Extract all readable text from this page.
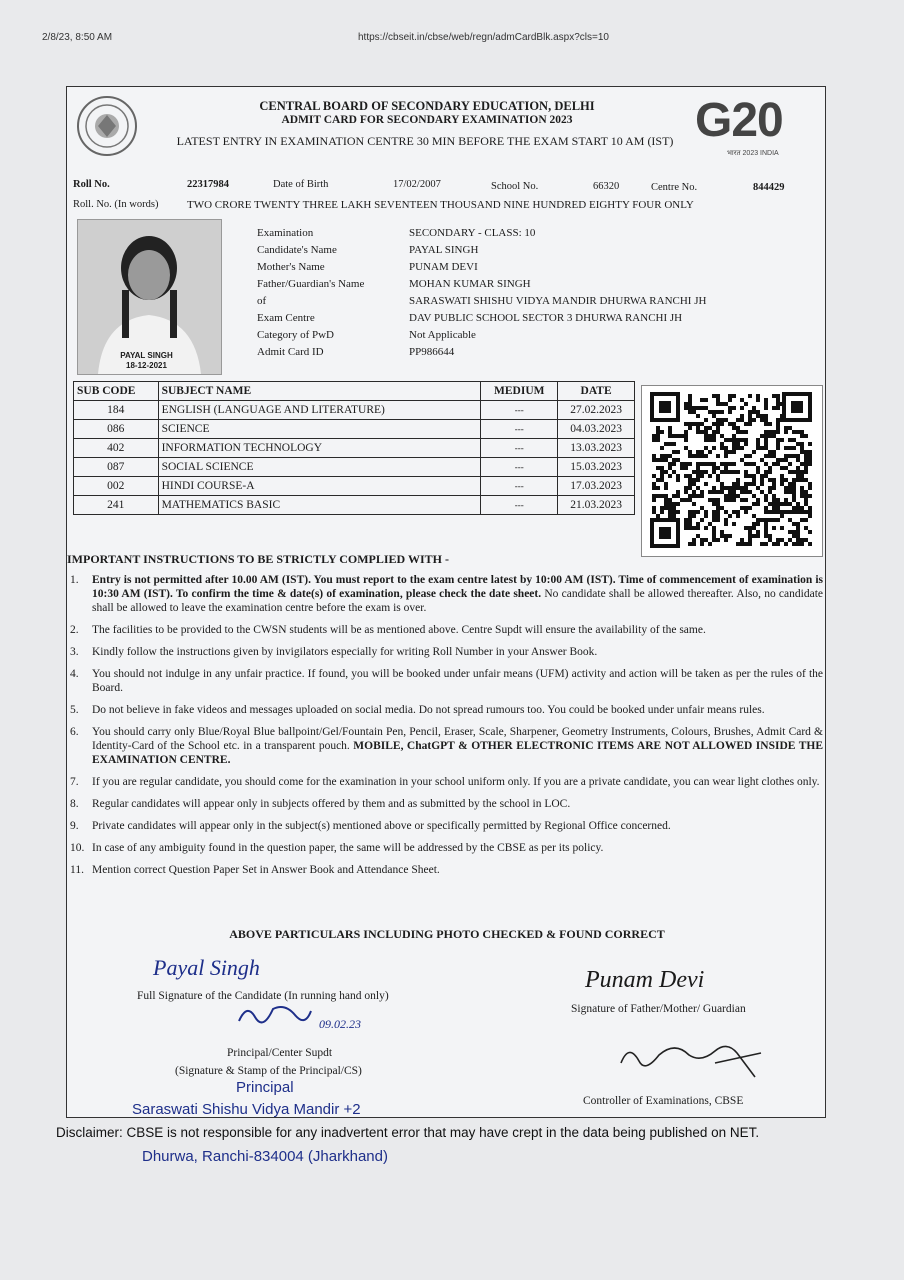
2/8/23, 8:50 AM	https://cbseit.in/cbse/web/regn/admCardBlk.aspx?cls=10
CENTRAL BOARD OF SECONDARY EDUCATION, DELHI
ADMIT CARD FOR SECONDARY EXAMINATION 2023
LATEST ENTRY IN EXAMINATION CENTRE 30 MIN BEFORE THE EXAM START 10 AM (IST) G20
भारत 2023 INDIA
Roll No.	22317984	Date of Birth	17/02/2007	School No.	66320	Centre No.	844429
Roll. No. (In words)	TWO CRORE TWENTY THREE LAKH SEVENTEEN THOUSAND NINE HUNDRED EIGHTY FOUR ONLY
PAYAL SINGH
18-12-2021
Examination	SECONDARY - CLASS: 10
Candidate's Name	PAYAL SINGH
Mother's Name	PUNAM DEVI
Father/Guardian's Name	MOHAN KUMAR SINGH
of	SARASWATI SHISHU VIDYA MANDIR DHURWA RANCHI JH
Exam Centre	DAV PUBLIC SCHOOL SECTOR 3 DHURWA RANCHI JH
Category of PwD	Not Applicable
Admit Card ID	PP986644
SUB CODE	SUBJECT NAME	MEDIUM	DATE
184	ENGLISH (LANGUAGE AND LITERATURE)	---	27.02.2023
086	SCIENCE	---	04.03.2023
402	INFORMATION TECHNOLOGY	---	13.03.2023
087	SOCIAL SCIENCE	---	15.03.2023
002	HINDI COURSE-A	---	17.03.2023
241	MATHEMATICS BASIC	---	21.03.2023
IMPORTANT INSTRUCTIONS TO BE STRICTLY COMPLIED WITH -
1. Entry is not permitted after 10.00 AM (IST). You must report to the exam centre latest by 10:00 AM (IST). Time of commencement of examination is 10:30 AM (IST). To confirm the time & date(s) of examination, please check the date sheet. No candidate shall be allowed thereafter. Also, no candidate shall be allowed to leave the examination centre before the exam is over.
2. The facilities to be provided to the CWSN students will be as mentioned above. Centre Supdt will ensure the availability of the same.
3. Kindly follow the instructions given by invigilators especially for writing Roll Number in your Answer Book.
4. You should not indulge in any unfair practice. If found, you will be booked under unfair means (UFM) activity and action will be taken as per the rules of the Board.
5. Do not believe in fake videos and messages uploaded on social media. Do not spread rumours too. You could be booked under unfair means rules.
6. You should carry only Blue/Royal Blue ballpoint/Gel/Fountain Pen, Pencil, Eraser, Scale, Sharpener, Geometry Instruments, Colours, Brushes, Admit Card & Identity-Card of the School etc. in a transparent pouch. MOBILE, ChatGPT & OTHER ELECTRONIC ITEMS ARE NOT ALLOWED INSIDE THE EXAMINATION CENTRE.
7. If you are regular candidate, you should come for the examination in your school uniform only. If you are a private candidate, you can wear light clothes only.
8. Regular candidates will appear only in subjects offered by them and as submitted by the school in LOC.
9. Private candidates will appear only in the subject(s) mentioned above or specifically permitted by Regional Office concerned.
10. In case of any ambiguity found in the question paper, the same will be addressed by the CBSE as per its policy.
11. Mention correct Question Paper Set in Answer Book and Attendance Sheet.
ABOVE PARTICULARS INCLUDING PHOTO CHECKED & FOUND CORRECT
Payal Singh
Full Signature of the Candidate (In running hand only)
09.02.23
Principal/Center Supdt
(Signature & Stamp of the Principal/CS)
Punam Devi
Signature of Father/Mother/ Guardian
Controller of Examinations, CBSE
Principal
Saraswati Shishu Vidya Mandir +2
Dhurwa, Ranchi-834004 (Jharkhand)
Disclaimer: CBSE is not responsible for any inadvertent error that may have crept in the data being published on NET.
